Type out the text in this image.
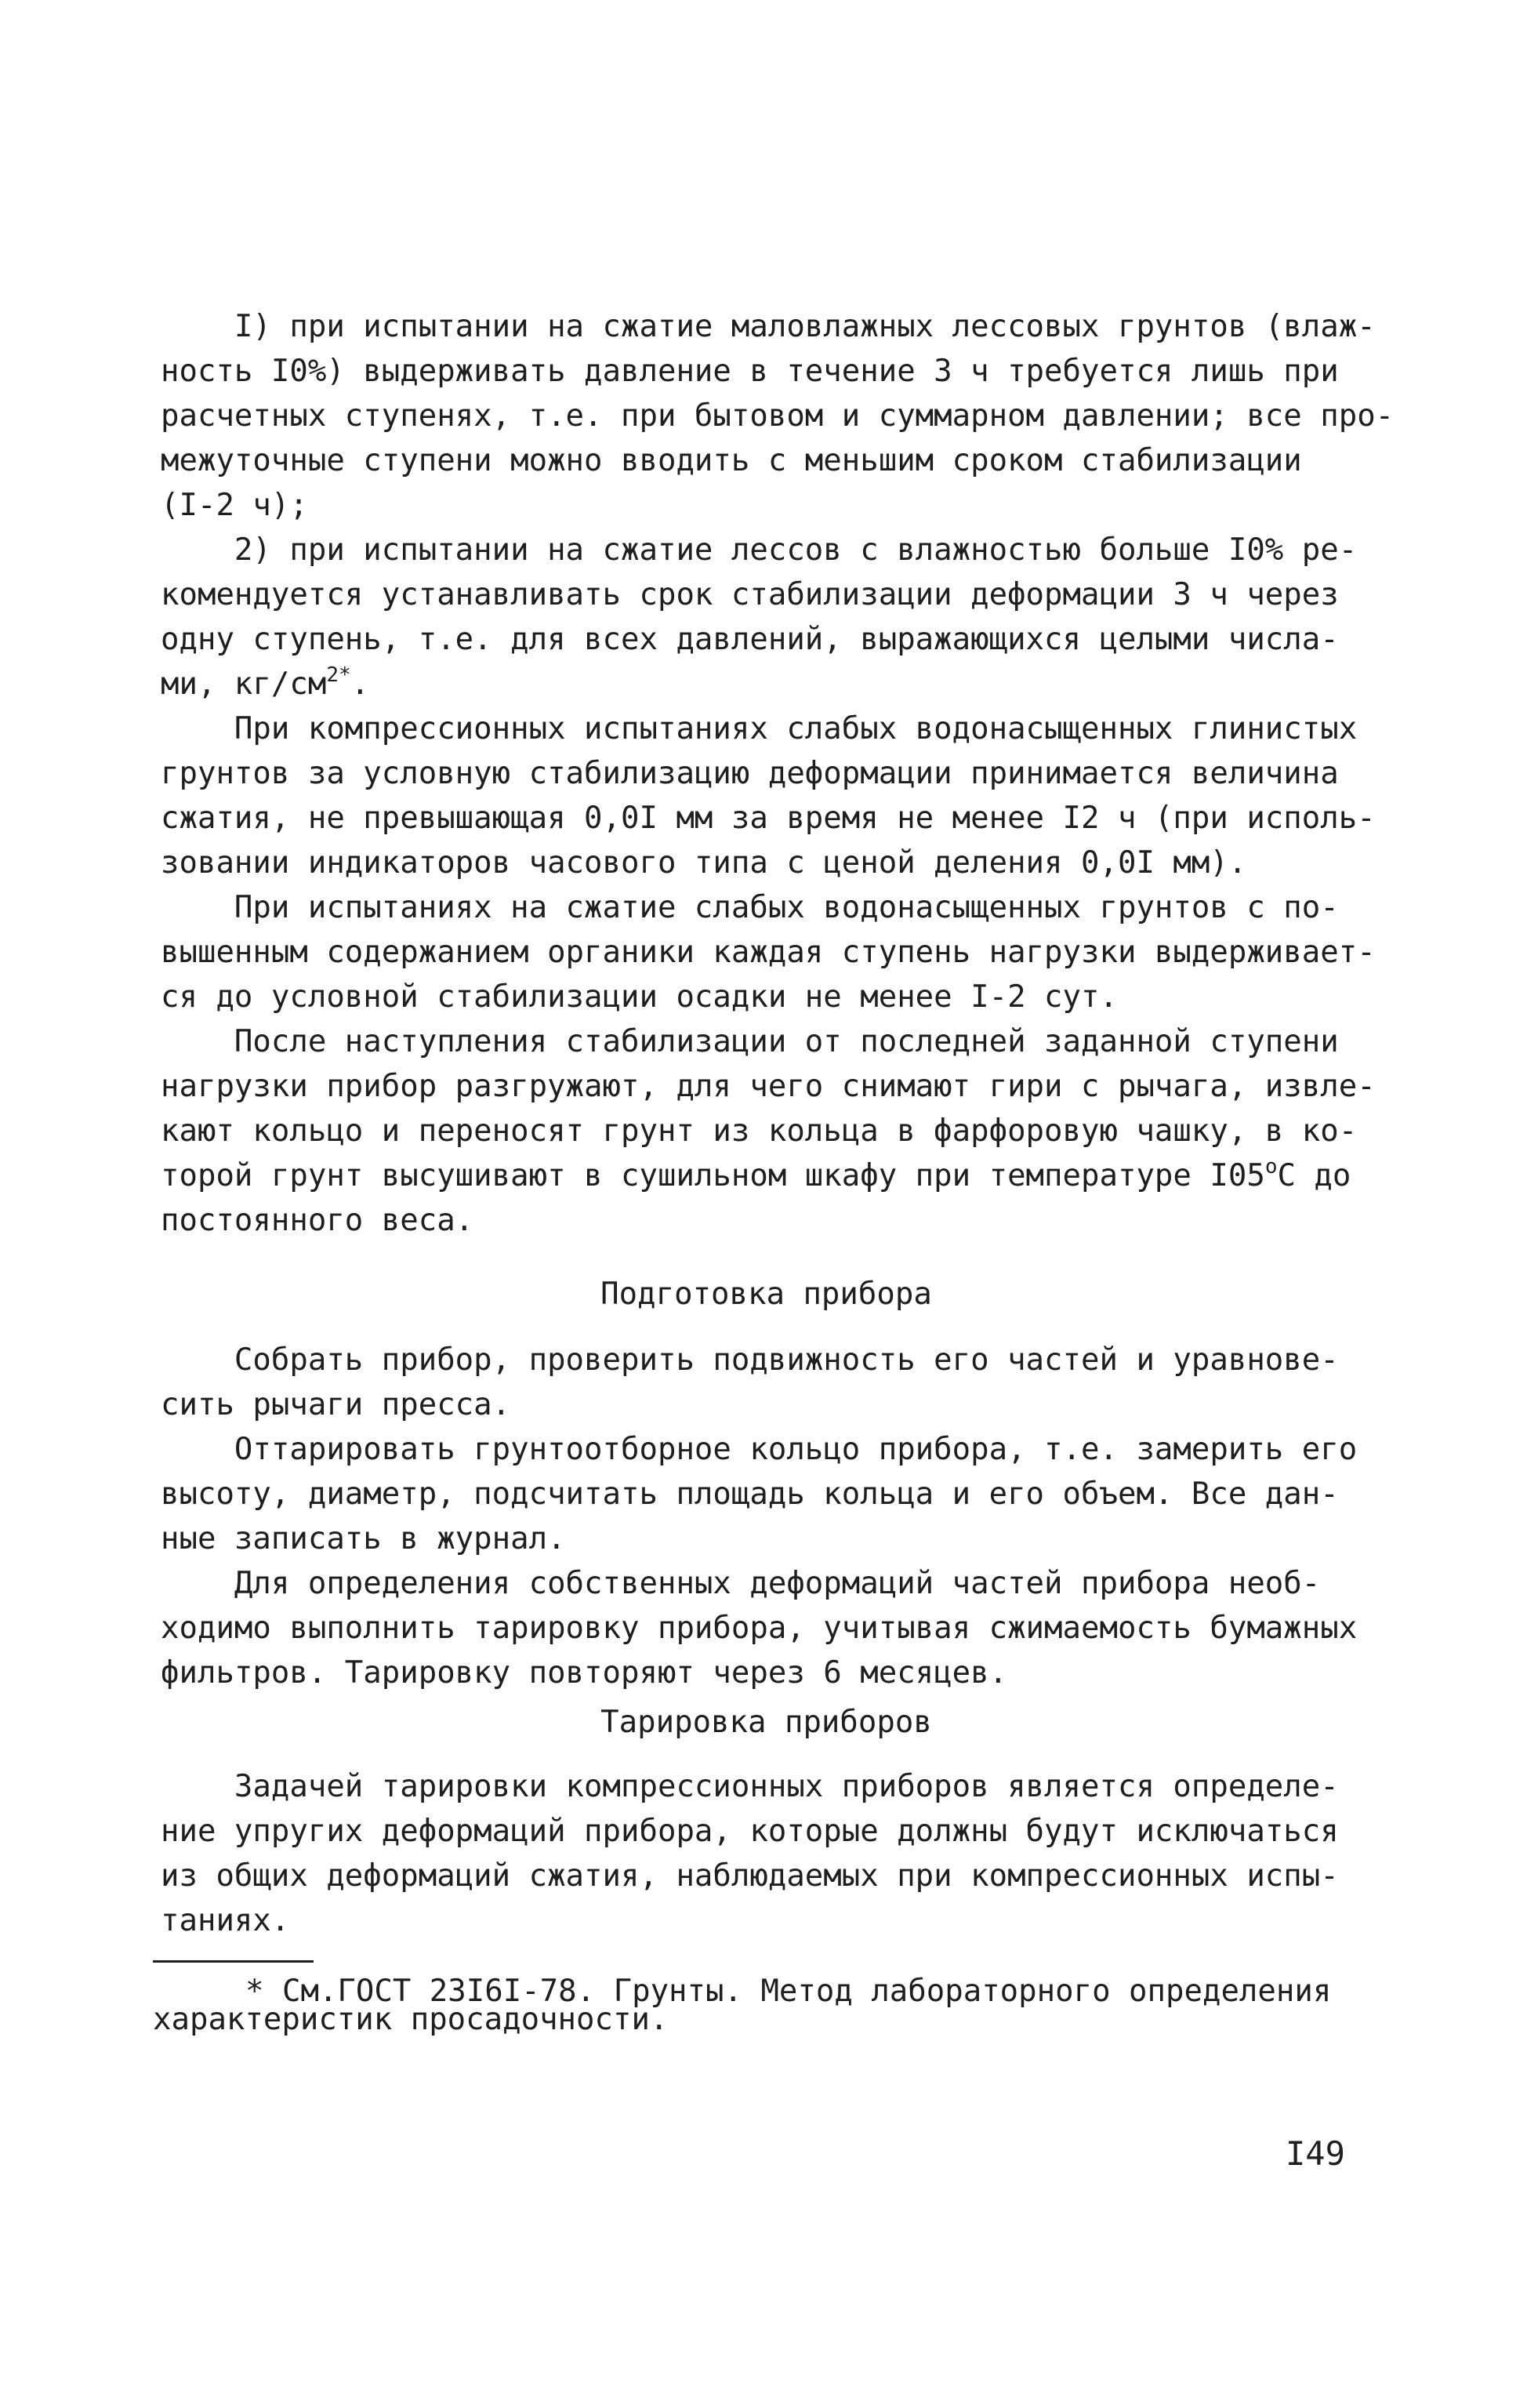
I) при испытании на сжатие маловлажных лессовых грунтов (влаж-
ность I0%) выдерживать давление в течение 3 ч требуется лишь при
расчетных ступенях, т.е. при бытовом и суммарном давлении; все про-
межуточные ступени можно вводить с меньшим сроком стабилизации
(I-2 ч);
2) при испытании на сжатие лессов с влажностью больше I0% ре-
комендуется устанавливать срок стабилизации деформации 3 ч через
одну ступень, т.е. для всех давлений, выражающихся целыми числа-
ми, $кг/см^{2*}$.
При компрессионных испытаниях слабых водонасыщенных глинистых
грунтов за условную стабилизацию деформации принимается величина
сжатия, не превышающая 0,0I мм за время не менее I2 ч (при исполь-
зовании индикаторов часового типа с ценой деления 0,0I мм).
При испытаниях на сжатие слабых водонасыщенных грунтов с по-
вышенным содержанием органики каждая ступень нагрузки выдерживает-
ся до условной стабилизации осадки не менее I-2 сут.
После наступления стабилизации от последней заданной ступени
нагрузки прибор разгружают, для чего снимают гири с рычага, извле-
кают кольцо и переносят грунт из кольца в фарфоровую чашку, в ко-
торой грунт высушивают в сушильном шкафу при температуре $I05^оС$ до
постоянного веса.
Подготовка прибора
Собрать прибор, проверить подвижность его частей и уравнове-
сить рычаги пресса.
Оттарировать грунтоотборное кольцо прибора, т.е. замерить его
высоту, диаметр, подсчитать площадь кольца и его объем. Все дан-
ные записать в журнал.
Для определения собственных деформаций частей прибора необ-
ходимо выполнить тарировку прибора, учитывая сжимаемость бумажных
фильтров. Тарировку повторяют через 6 месяцев.
Тарировка приборов
Задачей тарировки компрессионных приборов является определе-
ние упругих деформаций прибора, которые должны будут исключаться
из общих деформаций сжатия, наблюдаемых при компрессионных испы-
таниях.
* См.ГОСТ 23I6I-78. Грунты. Метод лабораторного определения
характеристик просадочности.
I49
